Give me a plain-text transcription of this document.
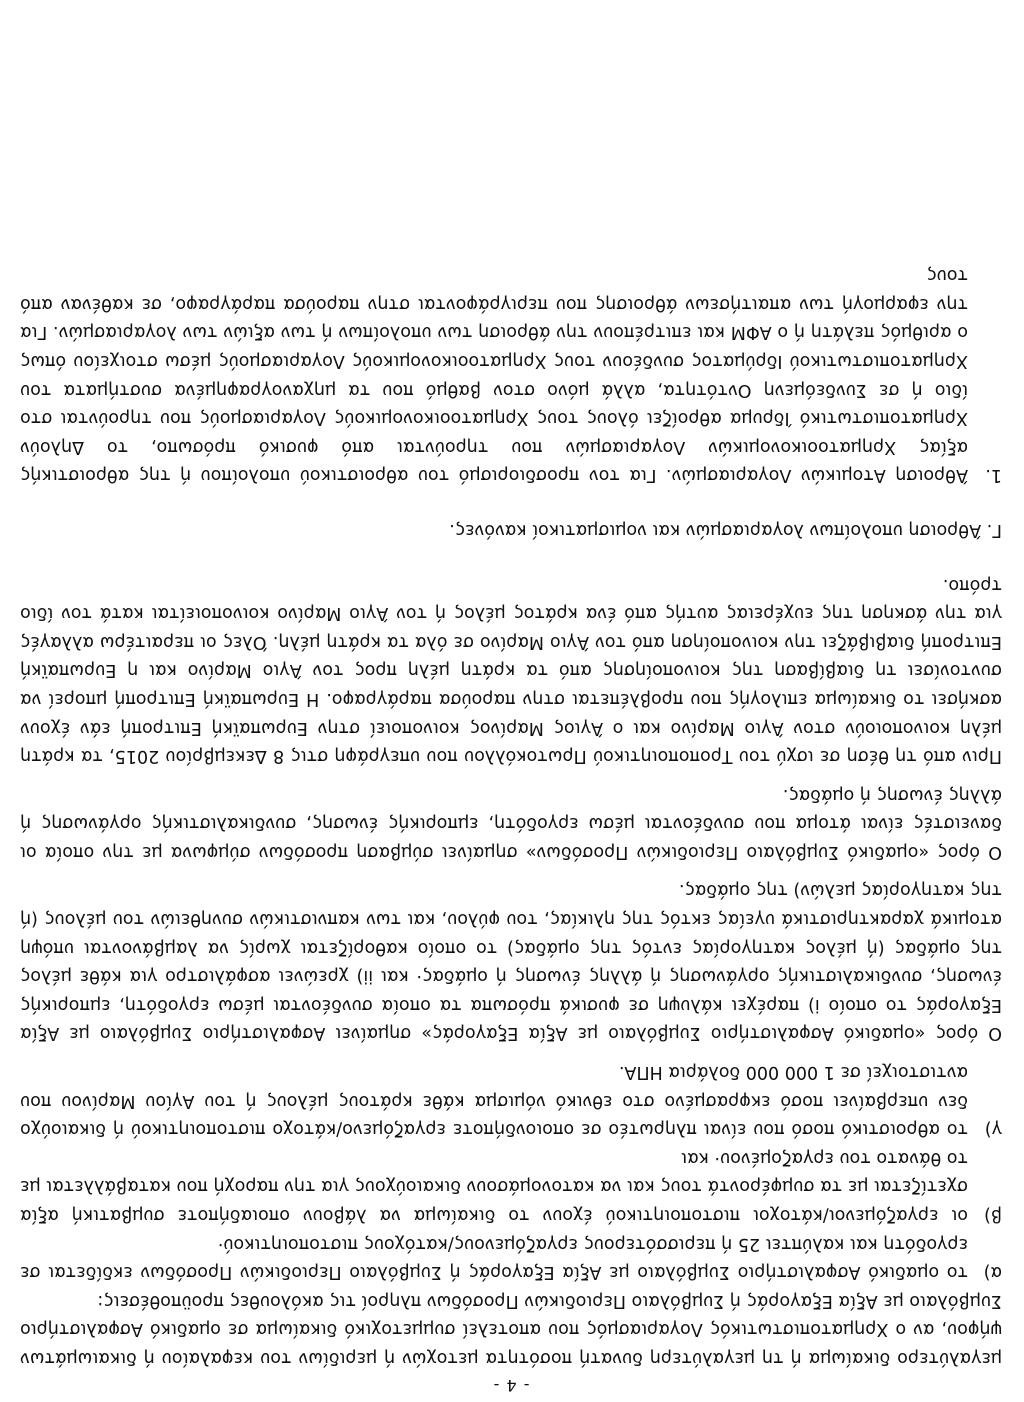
- 4 -

μεγαλύτερο δικαίωμα ή τη μεγαλύτερη δυνατή ποσότητα μετοχών ή μεριδίων του κεφαλαίου ή δικαιωμάτων ψήφου, αν ο Χρηματοπιστωτικός Λογαριασμός που αποτελεί συμμετοχικό δικαίωμα σε ομαδικό Ασφαλιστήριο Συμβόλαιο με Αξία Εξαγοράς ή Συμβόλαιο Περιοδικών Προσόδων πληροί τις ακόλουθες προϋποθέσεις:

α)
το ομαδικό Ασφαλιστήριο Συμβόλαιο με Αξία Εξαγοράς ή Συμβόλαιο Περιοδικών Προσόδων εκδίδεται σε εργοδότη και καλύπτει 25 ή περισσότερους εργαζόμενους/κατόχους πιστοποιητικού·
β)
οι εργαζόμενοι/κάτοχοι πιστοποιητικού έχουν το δικαίωμα να λάβουν οποιαδήποτε συμβατική αξία σχετίζεται με τα συμφέροντά τους και να κατονομάσουν δικαιούχους για την παροχή που καταβάλλεται με το θάνατο του εργαζομένου· και
γ)
το αθροιστικό ποσό που είναι πληρωτέο σε οποιονδήποτε εργαζόμενο/κάτοχο πιστοποιητικού ή δικαιούχο δεν υπερβαίνει ποσό εκφρασμένο στο εθνικό νόμισμα κάθε κράτους μέλους ή του Αγίου Μαρίνου που αντιστοιχεί σε 1 000 000 δολάρια ΗΠΑ.

Ο όρος «ομαδικό Ασφαλιστήριο Συμβόλαιο με Αξία Εξαγοράς» σημαίνει Ασφαλιστήριο Συμβόλαιο με Αξία Εξαγοράς το οποίο i) παρέχει κάλυψη σε φυσικά πρόσωπα τα οποία συνδέονται μέσω εργοδότη, εμπορικής ένωσης, συνδικαλιστικής οργάνωσης ή άλλης ένωσης ή ομάδας· και ii) χρεώνει ασφάλιστρο για κάθε μέλος της ομάδας (ή μέλος κατηγορίας εντός της ομάδας) το οποίο καθορίζεται χωρίς να λαμβάνονται υπόψη ατομικά χαρακτηριστικά υγείας εκτός της ηλικίας, του φύλου, και των καπνιστικών συνηθειών του μέλους (ή της κατηγορίας μελών) της ομάδας.

Ο όρος «ομαδικό Συμβόλαιο Περιοδικών Προσόδων» σημαίνει σύμβαση προσόδων σύμφωνα με την οποία οι δανειστές είναι άτομα που συνδέονται μέσω εργοδότη, εμπορικής ένωσης, συνδικαλιστικής οργάνωσης ή άλλης ένωσης ή ομάδας.

Πριν από τη θέση σε ισχύ του Τροποποιητικού Πρωτοκόλλου που υπεγράφη στις 8 Δεκεμβρίου 2015, τα κράτη μέλη κοινοποιούν στον Άγιο Μαρίνο και ο Άγιος Μαρίνος κοινοποιεί στην Ευρωπαϊκή Επιτροπή εάν έχουν ασκήσει το δικαίωμα επιλογής που προβλέπεται στην παρούσα παράγραφο. Η Ευρωπαϊκή Επιτροπή μπορεί να συντονίσει τη διαβίβαση της κοινοποίησης από τα κράτη μέλη προς τον Άγιο Μαρίνο και η Ευρωπαϊκή Επιτροπή διαβιβάζει την κοινοποίηση από τον Άγιο Μαρίνο σε όλα τα κράτη μέλη. Όλες οι περαιτέρω αλλαγές για την άσκηση της ευχέρειας αυτής από ένα κράτος μέλος ή τον Άγιο Μαρίνο κοινοποιείται κατά τον ίδιο τρόπο.

Γ. Άθροιση υπολοίπων λογαριασμών και νομισματικοί κανόνες.

1.
Άθροιση Ατομικών Λογαριασμών. Για τον προσδιορισμό του αθροιστικού υπολοίπου ή της αθροιστικής αξίας Χρηματοοικονομικών Λογαριασμών που τηρούνται από φυσικό πρόσωπο, το Δηλούν Χρηματοπιστωτικό Ίδρυμα αθροίζει όλους τους Χρηματοοικονομικούς Λογαριασμούς που τηρούνται στο ίδιο ή σε Συνδεόμενη Οντότητα, αλλά μόνο στον βαθμό που τα μηχανογραφημένα συστήματα του Χρηματοπιστωτικού Ιδρύματος συνδέουν τους Χρηματοοικονομικούς Λογαριασμούς μέσω στοιχείου όπως ο αριθμός πελάτη ή ο ΑΦΜ και επιτρέπουν την άθροιση των υπολοίπων ή των αξιών των λογαριασμών. Για την εφαρμογή των απαιτήσεων άθροισης που περιγράφονται στην παρούσα παράγραφο, σε καθέναν από τους
